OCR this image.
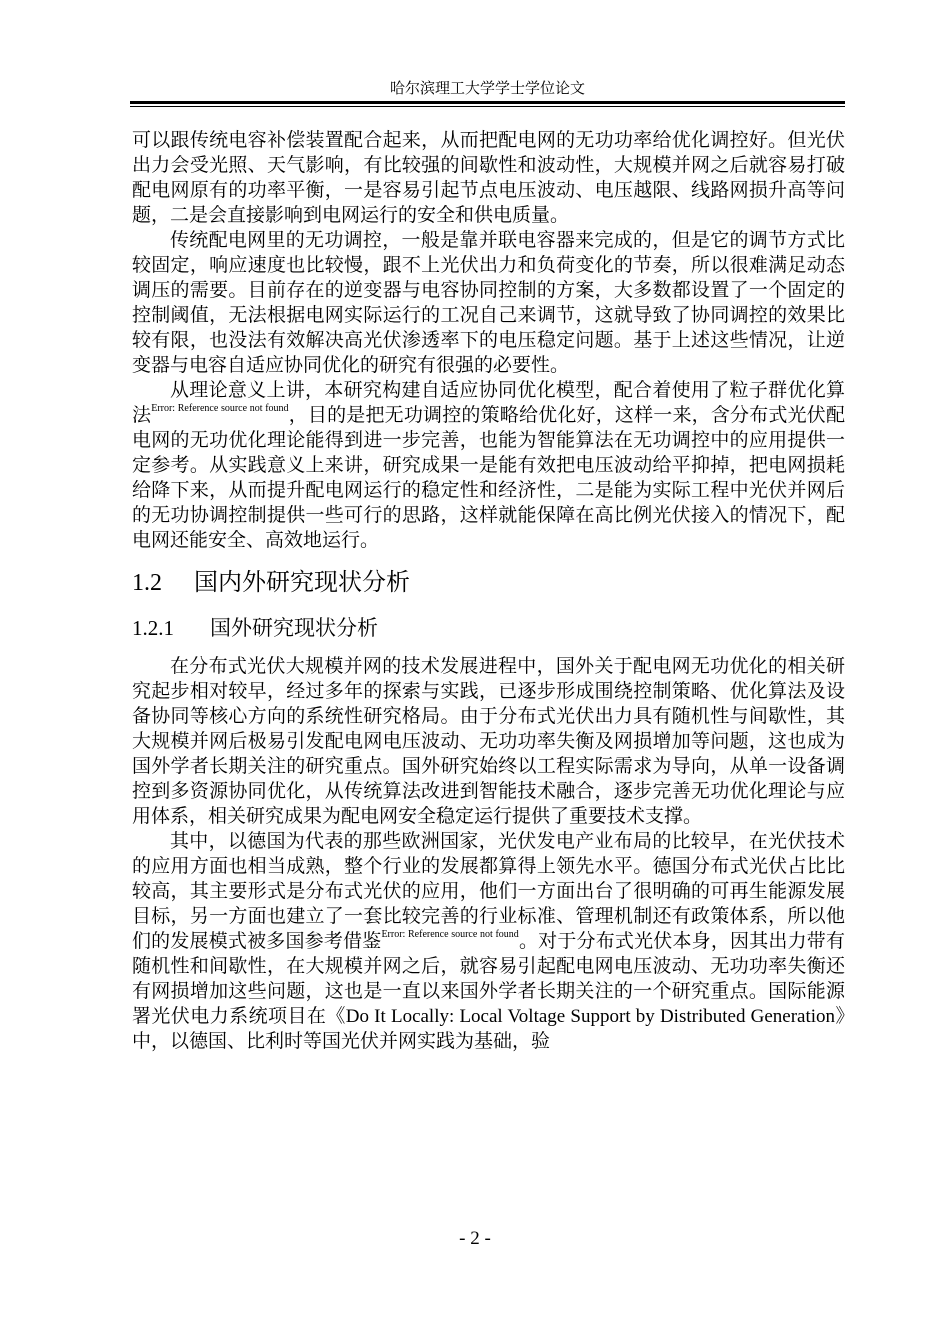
哈尔滨理工大学学士学位论文

可以跟传统电容补偿装置配合起来，从而把配电网的无功功率给优化调控好。但光伏出力会受光照、天气影响，有比较强的间歇性和波动性，大规模并网之后就容易打破配电网原有的功率平衡，一是容易引起节点电压波动、电压越限、线路网损升高等问题，二是会直接影响到电网运行的安全和供电质量。

传统配电网里的无功调控，一般是靠并联电容器来完成的，但是它的调节方式比较固定，响应速度也比较慢，跟不上光伏出力和负荷变化的节奏，所以很难满足动态调压的需要。目前存在的逆变器与电容协同控制的方案，大多数都设置了一个固定的控制阈值，无法根据电网实际运行的工况自己来调节，这就导致了协同调控的效果比较有限，也没法有效解决高光伏渗透率下的电压稳定问题。基于上述这些情况，让逆变器与电容自适应协同优化的研究有很强的必要性。

从理论意义上讲，本研究构建自适应协同优化模型，配合着使用了粒子群优化算法$^{Error: Reference source not found}$，目的是把无功调控的策略给优化好，这样一来，含分布式光伏配电网的无功优化理论能得到进一步完善，也能为智能算法在无功调控中的应用提供一定参考。从实践意义上来讲，研究成果一是能有效把电压波动给平抑掉，把电网损耗给降下来，从而提升配电网运行的稳定性和经济性，二是能为实际工程中光伏并网后的无功协调控制提供一些可行的思路，这样就能保障在高比例光伏接入的情况下，配电网还能安全、高效地运行。

1.2 国内外研究现状分析
1.2.1 国外研究现状分析

在分布式光伏大规模并网的技术发展进程中，国外关于配电网无功优化的相关研究起步相对较早，经过多年的探索与实践，已逐步形成围绕控制策略、优化算法及设备协同等核心方向的系统性研究格局。由于分布式光伏出力具有随机性与间歇性，其大规模并网后极易引发配电网电压波动、无功功率失衡及网损增加等问题，这也成为国外学者长期关注的研究重点。国外研究始终以工程实际需求为导向，从单一设备调控到多资源协同优化，从传统算法改进到智能技术融合，逐步完善无功优化理论与应用体系，相关研究成果为配电网安全稳定运行提供了重要技术支撑。

其中，以德国为代表的那些欧洲国家，光伏发电产业布局的比较早，在光伏技术的应用方面也相当成熟，整个行业的发展都算得上领先水平。德国分布式光伏占比比较高，其主要形式是分布式光伏的应用，他们一方面出台了很明确的可再生能源发展目标，另一方面也建立了一套比较完善的行业标准、管理机制还有政策体系，所以他们的发展模式被多国参考借鉴$^{Error: Reference source not found}$。对于分布式光伏本身，因其出力带有随机性和间歇性，在大规模并网之后，就容易引起配电网电压波动、无功功率失衡还有网损增加这些问题，这也是一直以来国外学者长期关注的一个研究重点。国际能源署光伏电力系统项目在《Do It Locally: Local Voltage Support by Distributed Generation》中，以德国、比利时等国光伏并网实践为基础，验

- 2 -
